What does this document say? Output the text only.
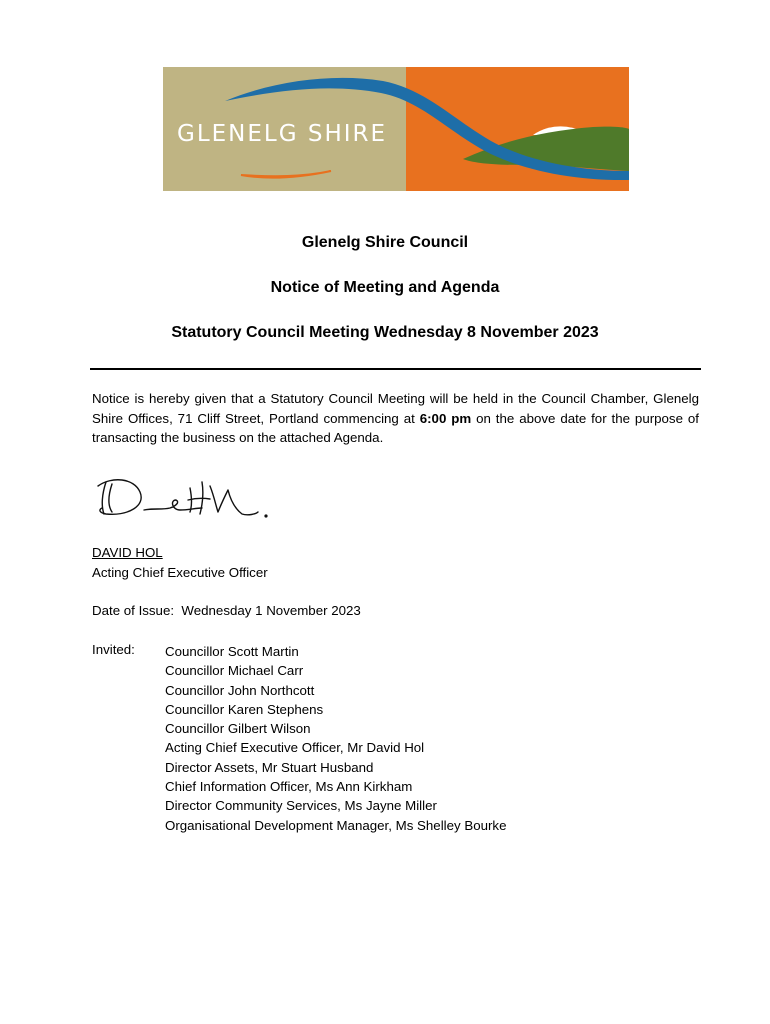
GLENELG SHIRE
Glenelg Shire Council
Notice of Meeting and Agenda
Statutory Council Meeting Wednesday 8 November 2023
Notice is hereby given that a Statutory Council Meeting will be held in the Council Chamber, Glenelg Shire Offices, 71 Cliff Street, Portland commencing at 6:00 pm on the above date for the purpose of transacting the business on the attached Agenda.
DAVID HOL
Acting Chief Executive Officer
Date of Issue:  Wednesday 1 November 2023
Invited: Councillor Scott Martin
Councillor Michael Carr
Councillor John Northcott
Councillor Karen Stephens
Councillor Gilbert Wilson
Acting Chief Executive Officer, Mr David Hol
Director Assets, Mr Stuart Husband
Chief Information Officer, Ms Ann Kirkham
Director Community Services, Ms Jayne Miller
Organisational Development Manager, Ms Shelley Bourke
